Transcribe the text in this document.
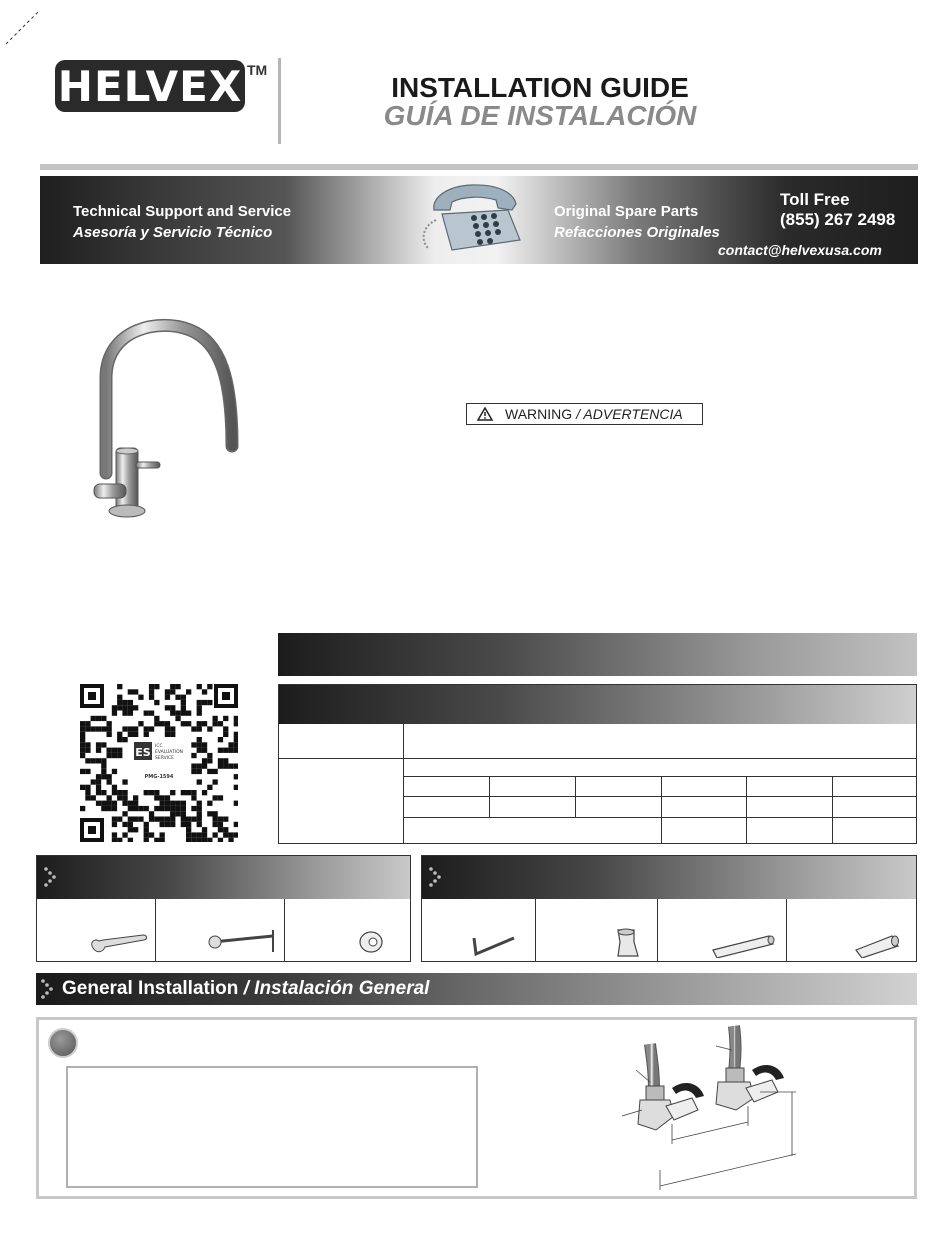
HELVEX TM
INSTALLATION GUIDE
GUÍA DE INSTALACIÓN
Technical Support and Service
Asesoría y Servicio Técnico
Original Spare Parts
Refacciones Originales
Toll Free
(855) 267 2498
contact@helvexusa.com
WARNING / ADVERTENCIA
ES ICC
EVALUATION
SERVICE
PMG-1594
General Installation / Instalación General
